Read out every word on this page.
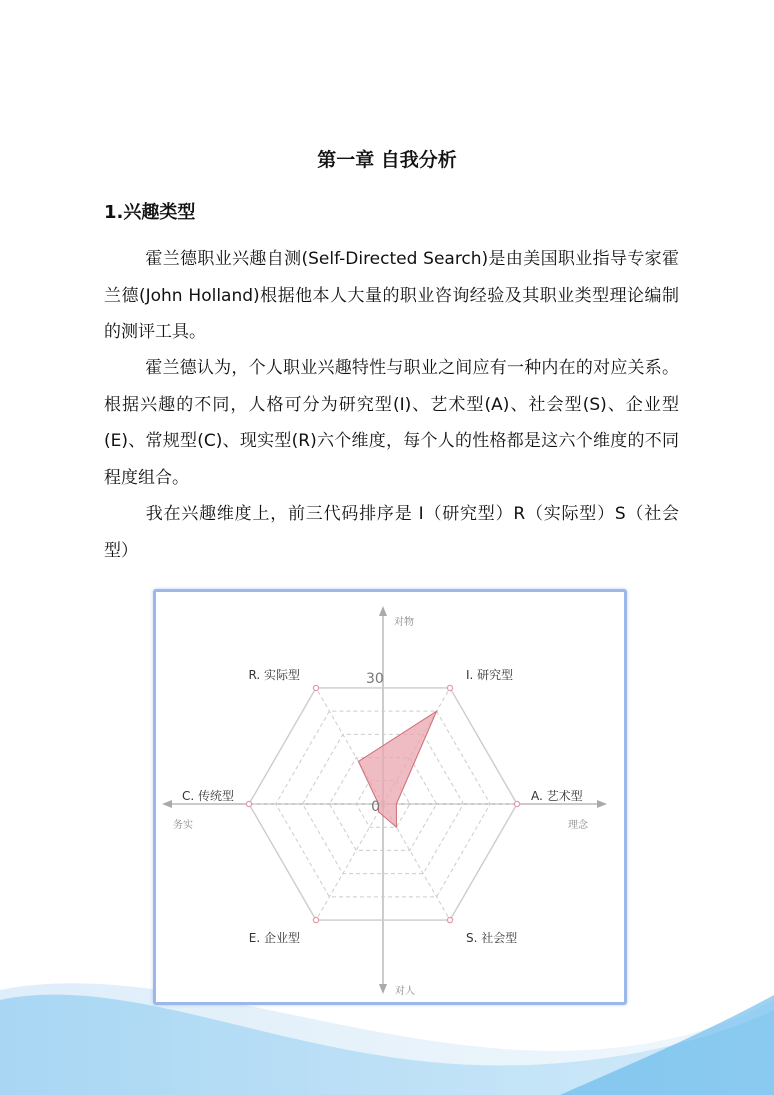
第一章 自我分析
1.兴趣类型
霍兰德职业兴趣自测(Self-Directed Search)是由美国职业指导专家霍兰德(John Holland)根据他本人大量的职业咨询经验及其职业类型理论编制的测评工具。
霍兰德认为，个人职业兴趣特性与职业之间应有一种内在的对应关系。根据兴趣的不同，人格可分为研究型(I)、艺术型(A)、社会型(S)、企业型(E)、常规型(C)、现实型(R)六个维度，每个人的性格都是这六个维度的不同程度组合。
我在兴趣维度上，前三代码排序是 I（研究型）R（实际型）S（社会型）
30
0
I. 研究型
A. 艺术型
S. 社会型
E. 企业型
C. 传统型
R. 实际型
对物
对人
务实	理念
